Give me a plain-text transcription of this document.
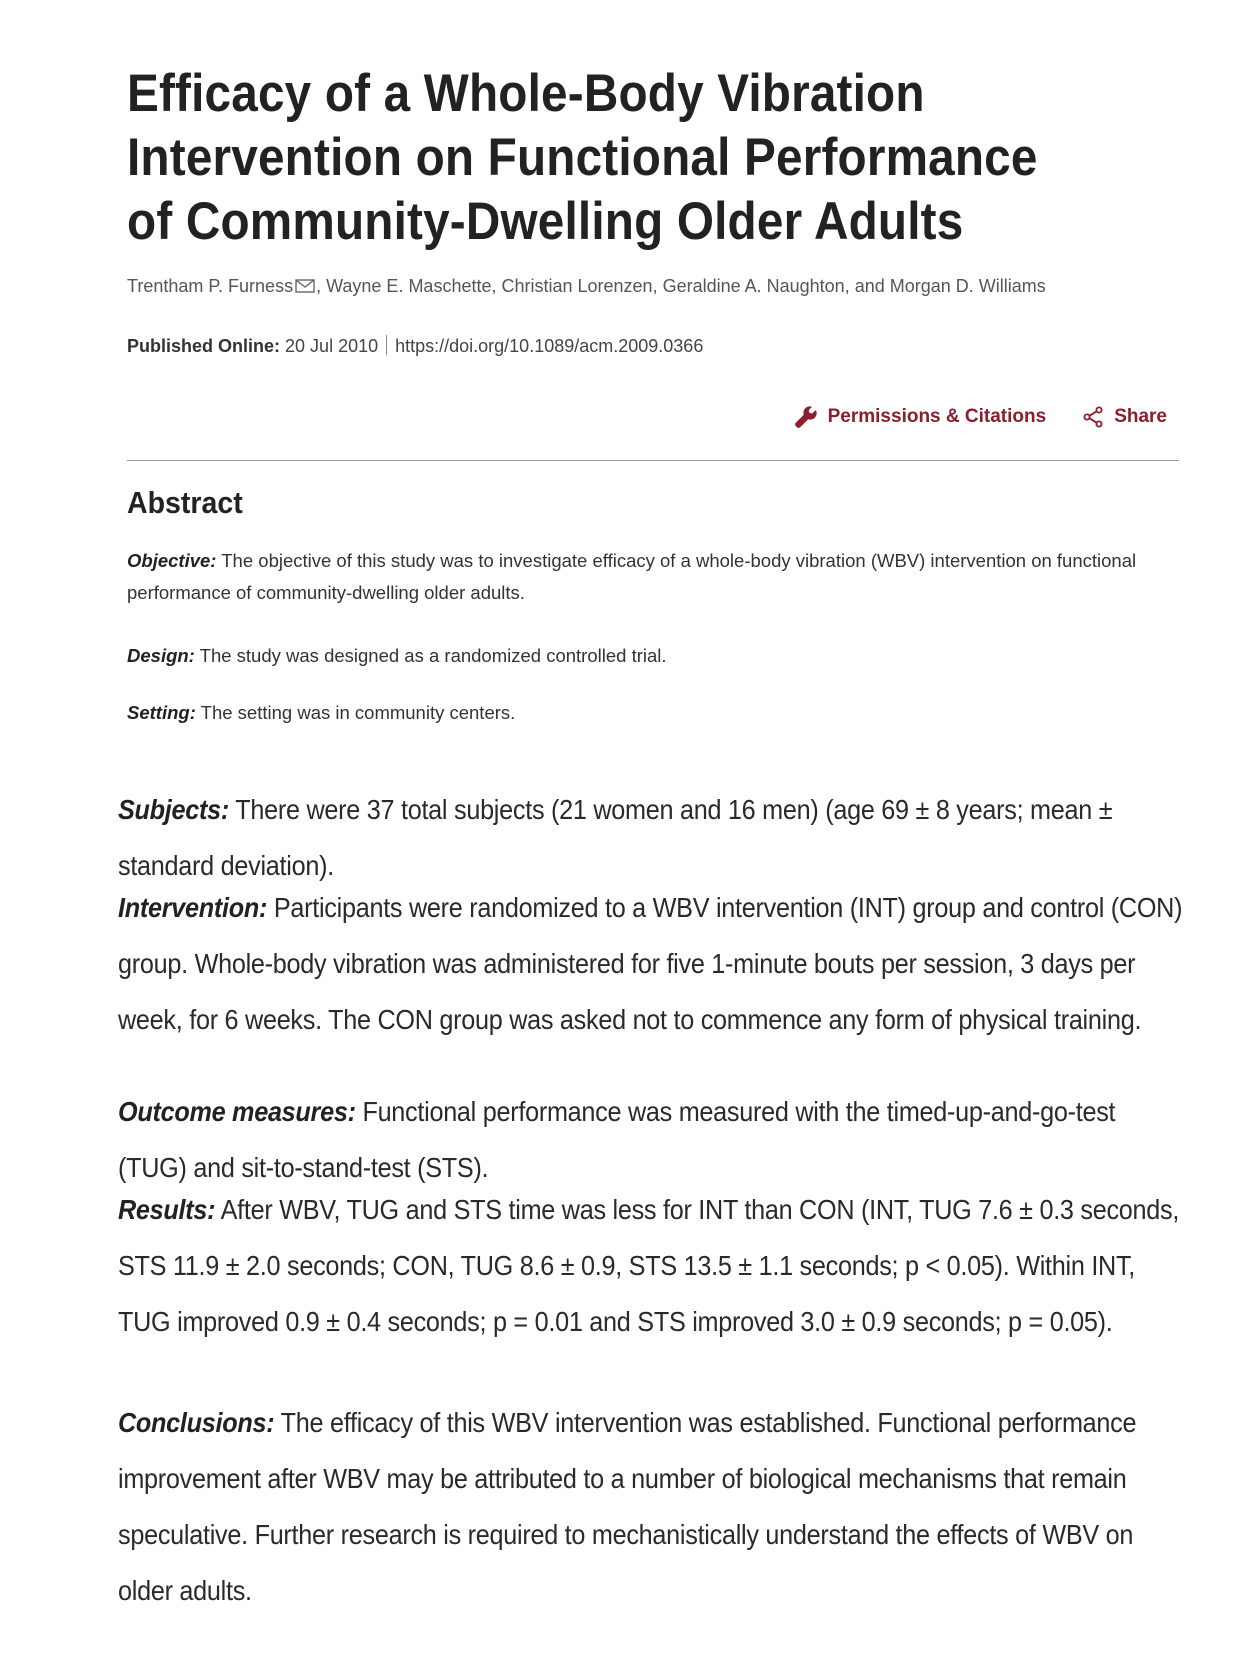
Efficacy of a Whole-Body Vibration Intervention on Functional Performance of Community-Dwelling Older Adults
Trentham P. Furness , Wayne E. Maschette, Christian Lorenzen, Geraldine A. Naughton, and Morgan D. Williams
Published Online: 20 Jul 2010 https://doi.org/10.1089/acm.2009.0366
Permissions & Citations	Share
Abstract

Objective: The objective of this study was to investigate efficacy of a whole-body vibration (WBV) intervention on functional performance of community-dwelling older adults.

Design: The study was designed as a randomized controlled trial.

Setting: The setting was in community centers.

Subjects: There were 37 total subjects (21 women and 16 men) (age 69 ± 8 years; mean ± standard deviation).

Intervention: Participants were randomized to a WBV intervention (INT) group and control (CON) group. Whole-body vibration was administered for five 1-minute bouts per session, 3 days per week, for 6 weeks. The CON group was asked not to commence any form of physical training.

Outcome measures: Functional performance was measured with the timed-up-and-go-test (TUG) and sit-to-stand-test (STS).

Results: After WBV, TUG and STS time was less for INT than CON (INT, TUG 7.6 ± 0.3 seconds, STS 11.9 ± 2.0 seconds; CON, TUG 8.6 ± 0.9, STS 13.5 ± 1.1 seconds; p < 0.05). Within INT, TUG improved 0.9 ± 0.4 seconds; p = 0.01 and STS improved 3.0 ± 0.9 seconds; p = 0.05).

Conclusions: The efficacy of this WBV intervention was established. Functional performance improvement after WBV may be attributed to a number of biological mechanisms that remain speculative. Further research is required to mechanistically understand the effects of WBV on older adults.
